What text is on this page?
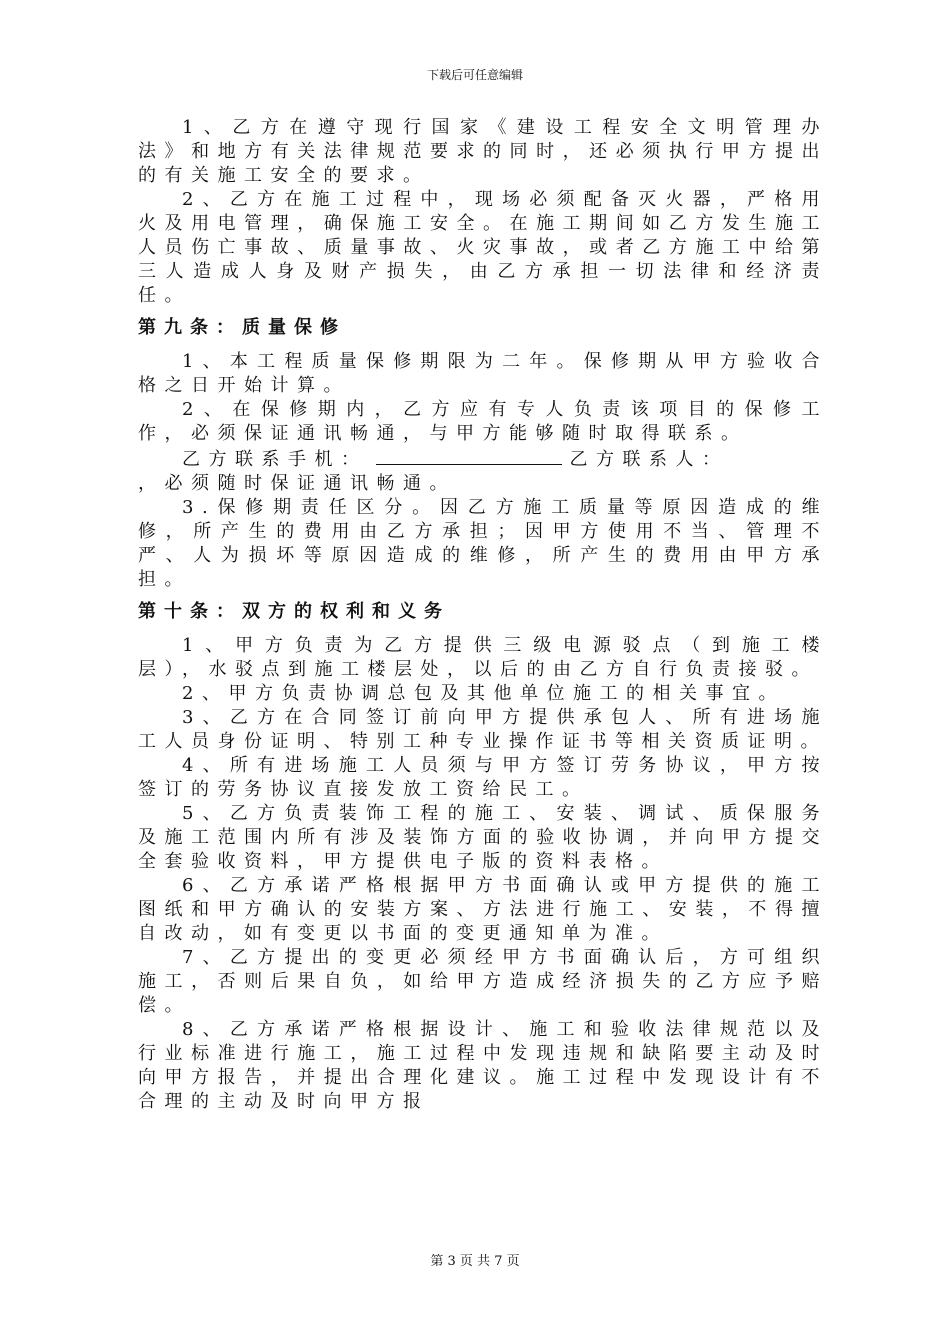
下载后可任意编辑

1、乙方在遵守现行国家《建设工程安全文明管理办法》和地方有关法律规范要求的同时，还必须执行甲方提出的有关施工安全的要求。

2、乙方在施工过程中，现场必须配备灭火器，严格用火及用电管理，确保施工安全。在施工期间如乙方发生施工人员伤亡事故、质量事故、火灾事故，或者乙方施工中给第三人造成人身及财产损失，由乙方承担一切法律和经济责任。

第九条：质量保修

1、本工程质量保修期限为二年。保修期从甲方验收合格之日开始计算。

2、在保修期内，乙方应有专人负责该项目的保修工作，必须保证通讯畅通，与甲方能够随时取得联系。

乙方联系手机：	乙方联系人：

，必须随时保证通讯畅通。

3.保修期责任区分。因乙方施工质量等原因造成的维修，所产生的费用由乙方承担；因甲方使用不当、管理不严、人为损坏等原因造成的维修，所产生的费用由甲方承担。

第十条：双方的权利和义务

1、甲方负责为乙方提供三级电源驳点（到施工楼层），水驳点到施工楼层处，以后的由乙方自行负责接驳。

2、甲方负责协调总包及其他单位施工的相关事宜。

3、乙方在合同签订前向甲方提供承包人、所有进场施工人员身份证明、特别工种专业操作证书等相关资质证明。

4、所有进场施工人员须与甲方签订劳务协议，甲方按签订的劳务协议直接发放工资给民工。

5、乙方负责装饰工程的施工、安装、调试、质保服务及施工范围内所有涉及装饰方面的验收协调，并向甲方提交全套验收资料，甲方提供电子版的资料表格。

6、乙方承诺严格根据甲方书面确认或甲方提供的施工图纸和甲方确认的安装方案、方法进行施工、安装，不得擅自改动，如有变更以书面的变更通知单为准。

7、乙方提出的变更必须经甲方书面确认后，方可组织施工，否则后果自负，如给甲方造成经济损失的乙方应予赔偿。

8、乙方承诺严格根据设计、施工和验收法律规范以及行业标准进行施工，施工过程中发现违规和缺陷要主动及时向甲方报告，并提出合理化建议。施工过程中发现设计有不合理的主动及时向甲方报

第 3 页 共 7 页
